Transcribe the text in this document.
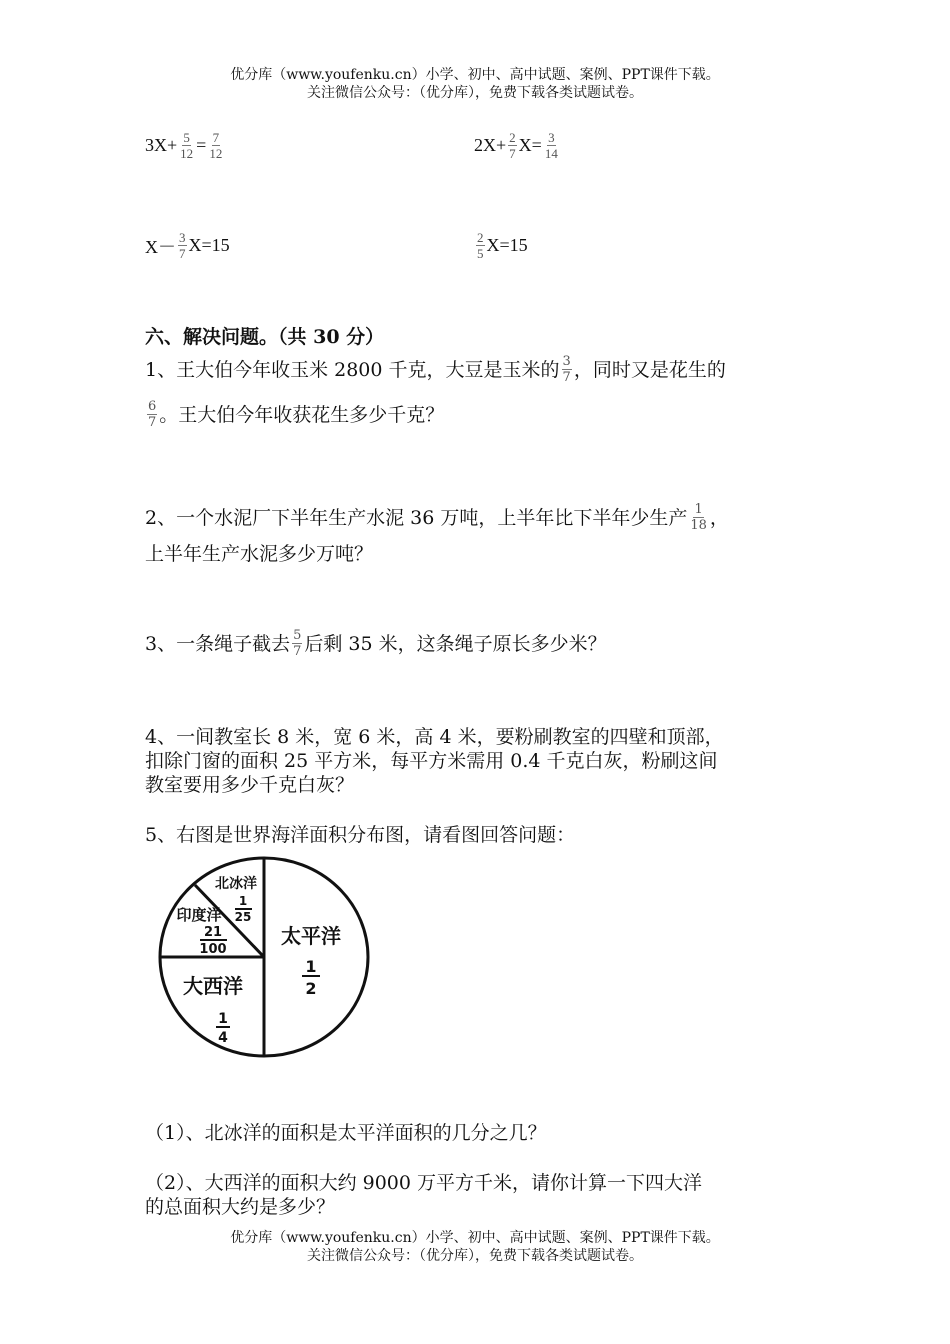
优分库（www.youfenku.cn）小学、初中、高中试题、案例、PPT课件下载。
关注微信公众号：（优分库），免费下载各类试题试卷。
$3X+ \frac{5}{12} = \frac{7}{12}$	$2X+ \frac{2}{7} X= \frac{3}{14}$
$X- \frac{3}{7} X=15$	$\frac{2}{5} X=15$
六、解决问题。（共 30 分）
1、王大伯今年收玉米 2800 千克，大豆是玉米的 $\frac{3}{7}$ ，同时又是花生的
$\frac{6}{7}$ 。王大伯今年收获花生多少千克？
2、一个水泥厂下半年生产水泥 36 万吨，上半年比下半年少生产 $\frac{1}{18}$ ，
上半年生产水泥多少万吨？
3、一条绳子截去 $\frac{5}{7}$ 后剩 35 米，这条绳子原长多少米？
4、一间教室长 8 米，宽 6 米，高 4 米，要粉刷教室的四壁和顶部，
扣除门窗的面积 25 平方米，每平方米需用 0.4 千克白灰，粉刷这间
教室要用多少千克白灰？
5、右图是世界海洋面积分布图，请看图回答问题：
太平洋
1
2
大西洋
1
4
印度洋
21
100
北冰洋
1
25
（1）、北冰洋的面积是太平洋面积的几分之几？
（2）、大西洋的面积大约 9000 万平方千米，请你计算一下四大洋
的总面积大约是多少？
优分库（www.youfenku.cn）小学、初中、高中试题、案例、PPT课件下载。
关注微信公众号：（优分库），免费下载各类试题试卷。
